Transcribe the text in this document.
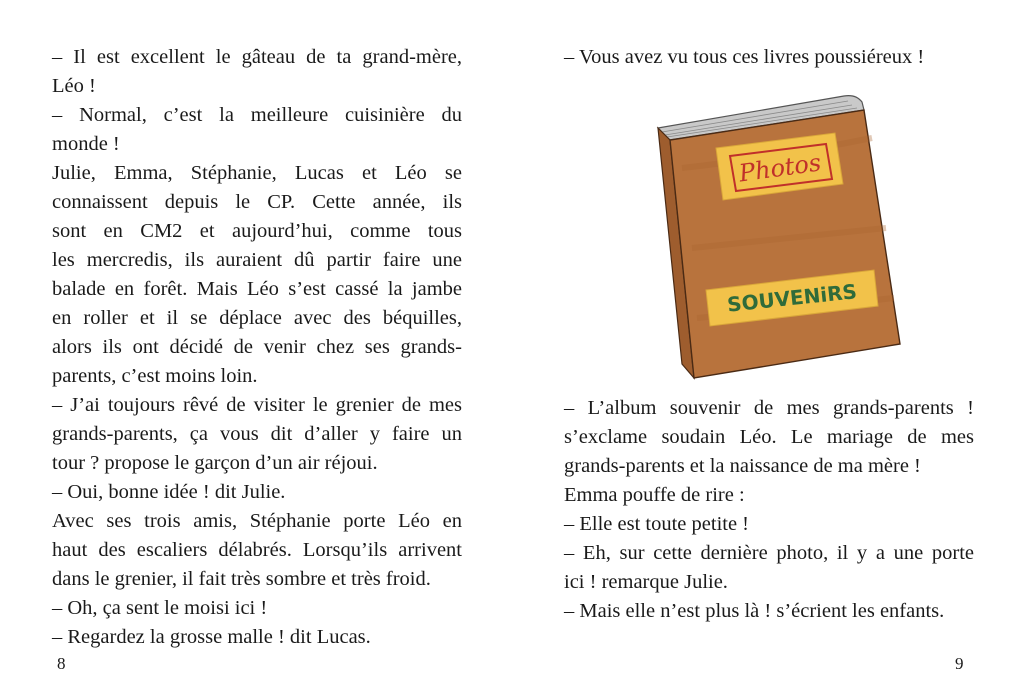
– Il est excellent le gâteau de ta grand-mère,
Léo !
– Normal, c’est la meilleure cuisinière du
monde !
Julie, Emma, Stéphanie, Lucas et Léo se
connaissent depuis le CP. Cette année, ils
sont en CM2 et aujourd’hui, comme tous
les mercredis, ils auraient dû partir faire une
balade en forêt. Mais Léo s’est cassé la jambe
en roller et il se déplace avec des béquilles,
alors ils ont décidé de venir chez ses grands-
parents, c’est moins loin.
– J’ai toujours rêvé de visiter le grenier de mes
grands-parents, ça vous dit d’aller y faire un
tour ? propose le garçon d’un air réjoui.
– Oui, bonne idée ! dit Julie.
Avec ses trois amis, Stéphanie porte Léo en
haut des escaliers délabrés. Lorsqu’ils arrivent
dans le grenier, il fait très sombre et très froid.
– Oh, ça sent le moisi ici !
– Regardez la grosse malle ! dit Lucas.
8
– Vous avez vu tous ces livres poussiéreux !
Photos
SOUVENiRS
– L’album souvenir de mes grands-parents !
s’exclame soudain Léo. Le mariage de mes
grands-parents et la naissance de ma mère !
Emma pouffe de rire :
– Elle est toute petite !
– Eh, sur cette dernière photo, il y a une porte
ici ! remarque Julie.
– Mais elle n’est plus là ! s’écrient les enfants.
9
